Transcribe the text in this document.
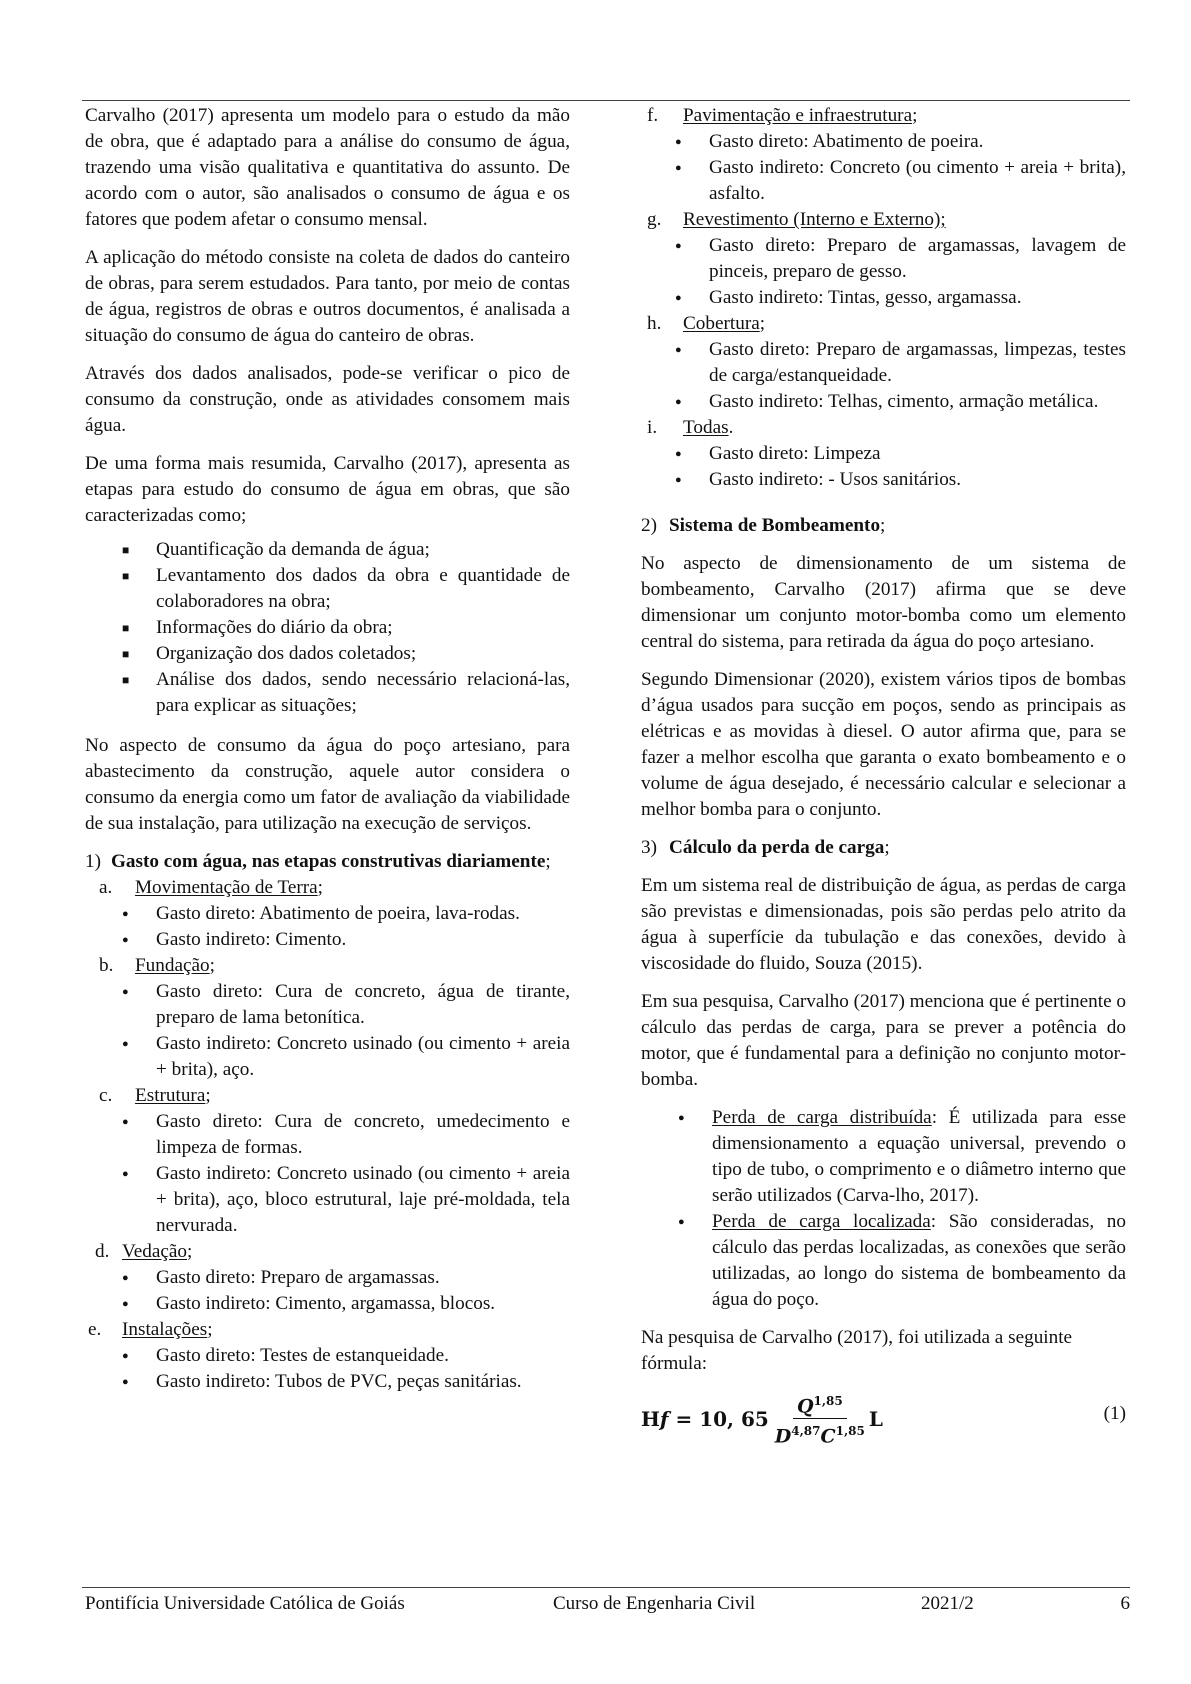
Carvalho (2017) apresenta um modelo para o estudo da mão de obra, que é adaptado para a análise do consumo de água, trazendo uma visão qualitativa e quantitativa do assunto. De acordo com o autor, são analisados o consumo de água e os fatores que podem afetar o consumo mensal.

A aplicação do método consiste na coleta de dados do canteiro de obras, para serem estudados. Para tanto, por meio de contas de água, registros de obras e outros documentos, é analisada a situação do consumo de água do canteiro de obras.

Através dos dados analisados, pode-se verificar o pico de consumo da construção, onde as atividades consomem mais água.

De uma forma mais resumida, Carvalho (2017), apresenta as etapas para estudo do consumo de água em obras, que são caracterizadas como;

■ Quantificação da demanda de água;
■ Levantamento dos dados da obra e quantidade de colaboradores na obra;
■ Informações do diário da obra;
■ Organização dos dados coletados;
■ Análise dos dados, sendo necessário relacioná-las, para explicar as situações;

No aspecto de consumo da água do poço artesiano, para abastecimento da construção, aquele autor considera o consumo da energia como um fator de avaliação da viabilidade de sua instalação, para utilização na execução de serviços.

1) Gasto com água, nas etapas construtivas diariamente;
a. Movimentação de Terra;
● Gasto direto: Abatimento de poeira, lava-rodas.
● Gasto indireto: Cimento.
b. Fundação;
● Gasto direto: Cura de concreto, água de tirante, preparo de lama betonítica.
● Gasto indireto: Concreto usinado (ou cimento + areia + brita), aço.
c. Estrutura;
● Gasto direto: Cura de concreto, umedecimento e limpeza de formas.
● Gasto indireto: Concreto usinado (ou cimento + areia + brita), aço, bloco estrutural, laje pré-moldada, tela nervurada.
d. Vedação;
● Gasto direto: Preparo de argamassas.
● Gasto indireto: Cimento, argamassa, blocos.
e. Instalações;
● Gasto direto: Testes de estanqueidade.
● Gasto indireto: Tubos de PVC, peças sanitárias.
f. Pavimentação e infraestrutura;
● Gasto direto: Abatimento de poeira.
● Gasto indireto: Concreto (ou cimento + areia + brita), asfalto.
g. Revestimento (Interno e Externo);
● Gasto direto: Preparo de argamassas, lavagem de pinceis, preparo de gesso.
● Gasto indireto: Tintas, gesso, argamassa.
h. Cobertura;
● Gasto direto: Preparo de argamassas, limpezas, testes de carga/estanqueidade.
● Gasto indireto: Telhas, cimento, armação metálica.
i. Todas.
● Gasto direto: Limpeza
● Gasto indireto: - Usos sanitários.
2) Sistema de Bombeamento;

No aspecto de dimensionamento de um sistema de bombeamento, Carvalho (2017) afirma que se deve dimensionar um conjunto motor-bomba como um elemento central do sistema, para retirada da água do poço artesiano.

Segundo Dimensionar (2020), existem vários tipos de bombas d’água usados para sucção em poços, sendo as principais as elétricas e as movidas à diesel. O autor afirma que, para se fazer a melhor escolha que garanta o exato bombeamento e o volume de água desejado, é necessário calcular e selecionar a melhor bomba para o conjunto.

3) Cálculo da perda de carga;

Em um sistema real de distribuição de água, as perdas de carga são previstas e dimensionadas, pois são perdas pelo atrito da água à superfície da tubulação e das conexões, devido à viscosidade do fluido, Souza (2015).

Em sua pesquisa, Carvalho (2017) menciona que é pertinente o cálculo das perdas de carga, para se prever a potência do motor, que é fundamental para a definição no conjunto motor-bomba.

● Perda de carga distribuída: É utilizada para esse dimensionamento a equação universal, prevendo o tipo de tubo, o comprimento e o diâmetro interno que serão utilizados (Carva-lho, 2017).
● Perda de carga localizada: São consideradas, no cálculo das perdas localizadas, as conexões que serão utilizadas, ao longo do sistema de bombeamento da água do poço.

Na pesquisa de Carvalho (2017), foi utilizada a seguinte fórmula:

H f = 10, $65 \frac{Q^{1,85}}{D^{4,87}C^{1,85}}$ L	(1)
Pontifícia Universidade Católica de Goiás	Curso de Engenharia Civil	2021/2	6
